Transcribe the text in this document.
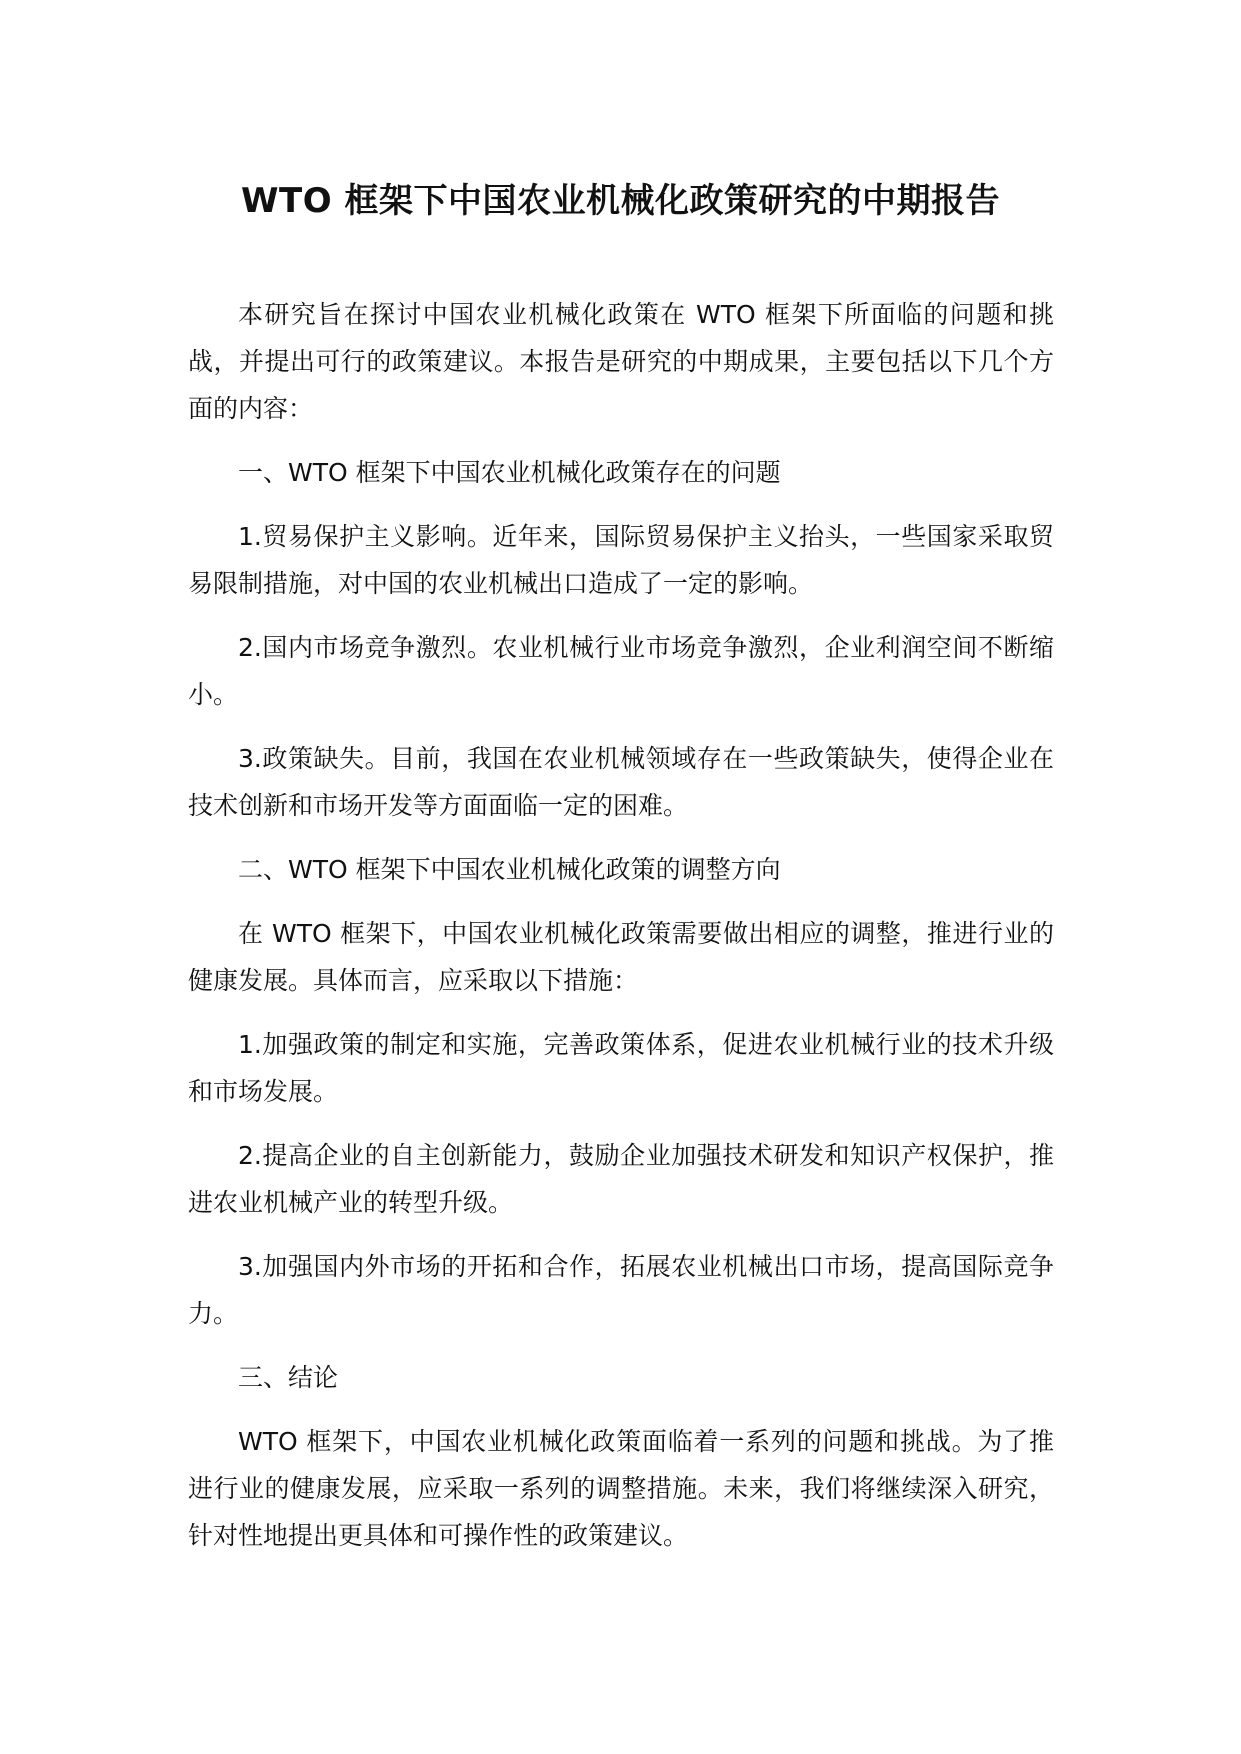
WTO 框架下中国农业机械化政策研究的中期报告

本研究旨在探讨中国农业机械化政策在 WTO 框架下所面临的问题和挑战，并提出可行的政策建议。本报告是研究的中期成果，主要包括以下几个方面的内容：

一、WTO 框架下中国农业机械化政策存在的问题

1.贸易保护主义影响。近年来，国际贸易保护主义抬头，一些国家采取贸易限制措施，对中国的农业机械出口造成了一定的影响。

2.国内市场竞争激烈。农业机械行业市场竞争激烈，企业利润空间不断缩小。

3.政策缺失。目前，我国在农业机械领域存在一些政策缺失，使得企业在技术创新和市场开发等方面面临一定的困难。

二、WTO 框架下中国农业机械化政策的调整方向

在 WTO 框架下，中国农业机械化政策需要做出相应的调整，推进行业的健康发展。具体而言，应采取以下措施：

1.加强政策的制定和实施，完善政策体系，促进农业机械行业的技术升级和市场发展。

2.提高企业的自主创新能力，鼓励企业加强技术研发和知识产权保护，推进农业机械产业的转型升级。

3.加强国内外市场的开拓和合作，拓展农业机械出口市场，提高国际竞争力。

三、结论

WTO 框架下，中国农业机械化政策面临着一系列的问题和挑战。为了推进行业的健康发展，应采取一系列的调整措施。未来，我们将继续深入研究，针对性地提出更具体和可操作性的政策建议。
